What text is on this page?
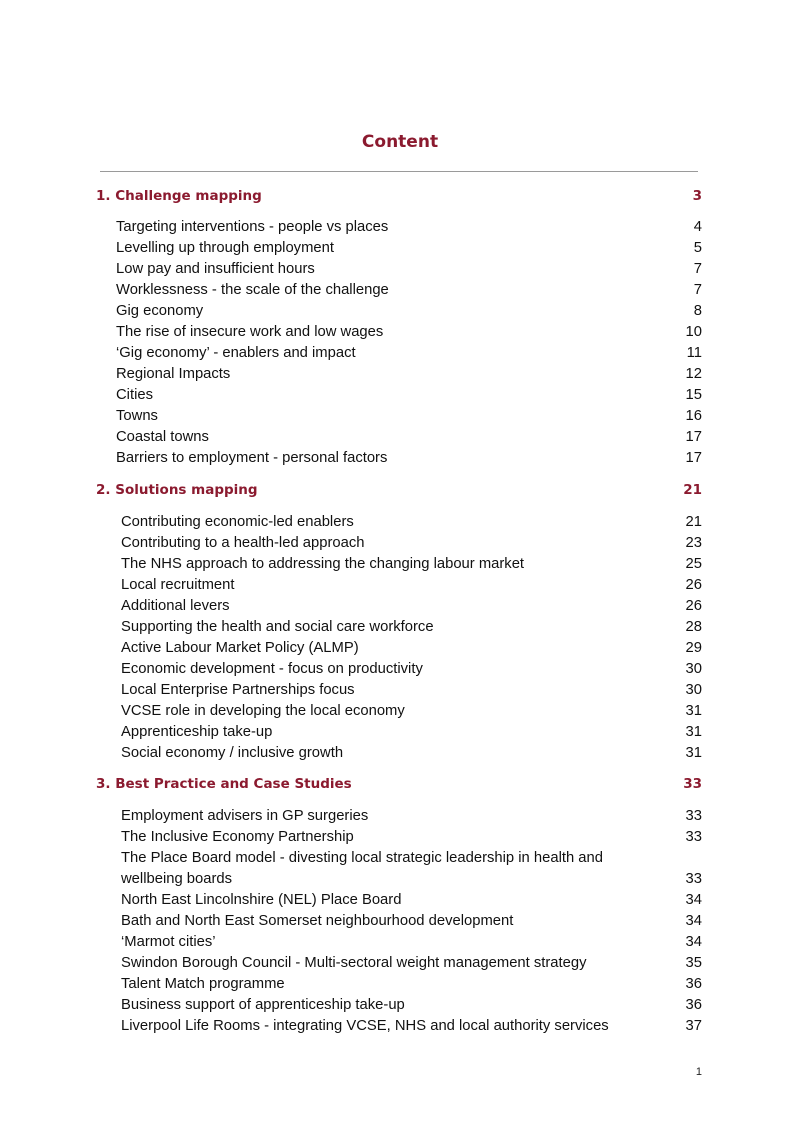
Content
1. Challenge mapping	3
Targeting interventions - people vs places	4
Levelling up through employment	5
Low pay and insufficient hours	7
Worklessness - the scale of the challenge	7
Gig economy	8
The rise of insecure work and low wages	10
‘Gig economy’ - enablers and impact	11
Regional Impacts	12
Cities	15
Towns	16
Coastal towns	17
Barriers to employment - personal factors	17
2. Solutions mapping	21
Contributing economic-led enablers	21
Contributing to a health-led approach	23
The NHS approach to addressing the changing labour market	25
Local recruitment	26
Additional levers	26
Supporting the health and social care workforce	28
Active Labour Market Policy (ALMP)	29
Economic development - focus on productivity	30
Local Enterprise Partnerships focus	30
VCSE role in developing the local economy	31
Apprenticeship take-up	31
Social economy / inclusive growth	31
3. Best Practice and Case Studies	33
Employment advisers in GP surgeries	33
The Inclusive Economy Partnership	33
The Place Board model - divesting local strategic leadership in health and wellbeing boards	33
North East Lincolnshire (NEL) Place Board	34
Bath and North East Somerset neighbourhood development	34
‘Marmot cities’	34
Swindon Borough Council - Multi-sectoral weight management strategy	35
Talent Match programme	36
Business support of apprenticeship take-up	36
Liverpool Life Rooms - integrating VCSE, NHS and local authority services	37
1
